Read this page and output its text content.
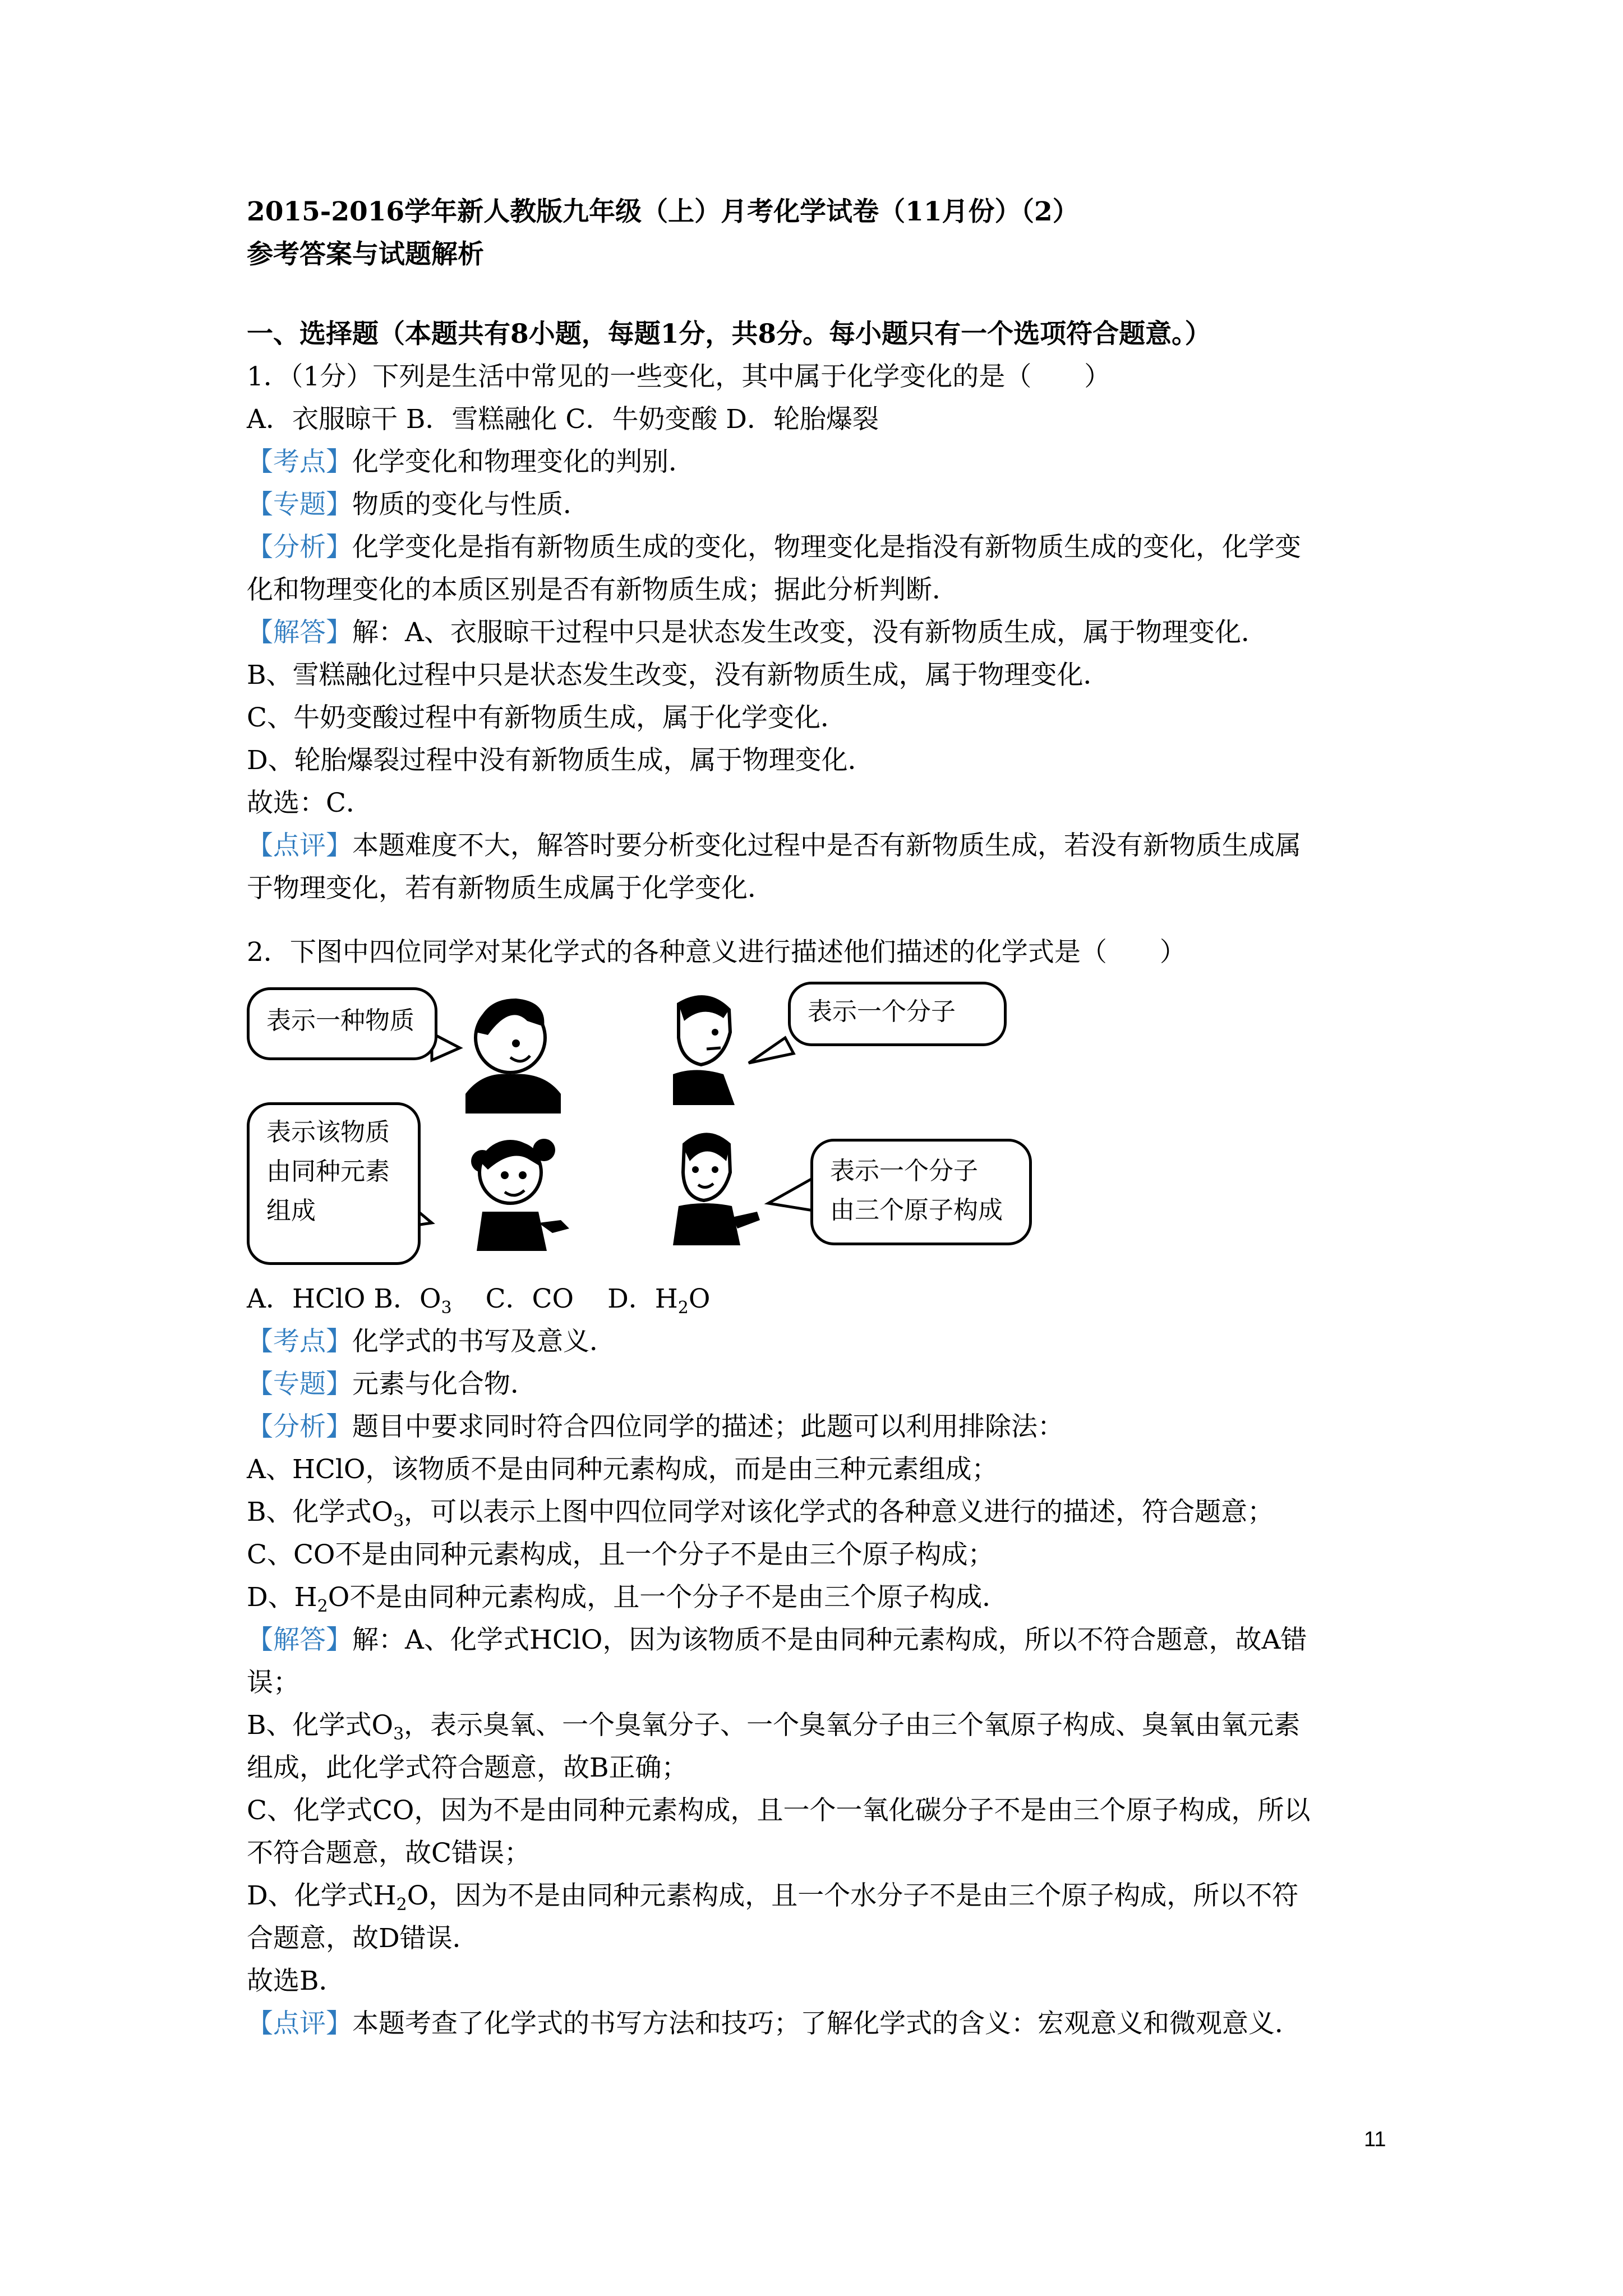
2015-2016学年新人教版九年级（上）月考化学试卷（11月份）（2）
参考答案与试题解析
一、选择题（本题共有8小题，每题1分，共8分。每小题只有一个选项符合题意。）
1．（1分）下列是生活中常见的一些变化，其中属于化学变化的是（　　）
A．衣服晾干 B．雪糕融化 C．牛奶变酸 D．轮胎爆裂
【考点】化学变化和物理变化的判别．
【专题】物质的变化与性质．
【分析】化学变化是指有新物质生成的变化，物理变化是指没有新物质生成的变化，化学变
化和物理变化的本质区别是否有新物质生成；据此分析判断．
【解答】解：A、衣服晾干过程中只是状态发生改变，没有新物质生成，属于物理变化．
B、雪糕融化过程中只是状态发生改变，没有新物质生成，属于物理变化．
C、牛奶变酸过程中有新物质生成，属于化学变化．
D、轮胎爆裂过程中没有新物质生成，属于物理变化．
故选：C．
【点评】本题难度不大，解答时要分析变化过程中是否有新物质生成，若没有新物质生成属
于物理变化，若有新物质生成属于化学变化．
2．下图中四位同学对某化学式的各种意义进行描述他们描述的化学式是（　　）
表示一种物质	表示一个分子
表示该物质
由同种元素
组成
表示一个分子
由三个原子构成
A．HClO B．$O_3$ C．CO D．$H_2O$
【考点】化学式的书写及意义．
【专题】元素与化合物．
【分析】题目中要求同时符合四位同学的描述；此题可以利用排除法：
A、HClO，该物质不是由同种元素构成，而是由三种元素组成；
B、化学式$O_3$，可以表示上图中四位同学对该化学式的各种意义进行的描述，符合题意；
C、CO不是由同种元素构成，且一个分子不是由三个原子构成；
D、$H_2O$不是由同种元素构成，且一个分子不是由三个原子构成．
【解答】解：A、化学式HClO，因为该物质不是由同种元素构成，所以不符合题意，故A错
误；
B、化学式$O_3$，表示臭氧、一个臭氧分子、一个臭氧分子由三个氧原子构成、臭氧由氧元素
组成，此化学式符合题意，故B正确；
C、化学式CO，因为不是由同种元素构成，且一个一氧化碳分子不是由三个原子构成，所以
不符合题意，故C错误；
D、化学式$H_2O$，因为不是由同种元素构成，且一个水分子不是由三个原子构成，所以不符
合题意，故D错误．
故选B．
【点评】本题考查了化学式的书写方法和技巧；了解化学式的含义：宏观意义和微观意义．
11
